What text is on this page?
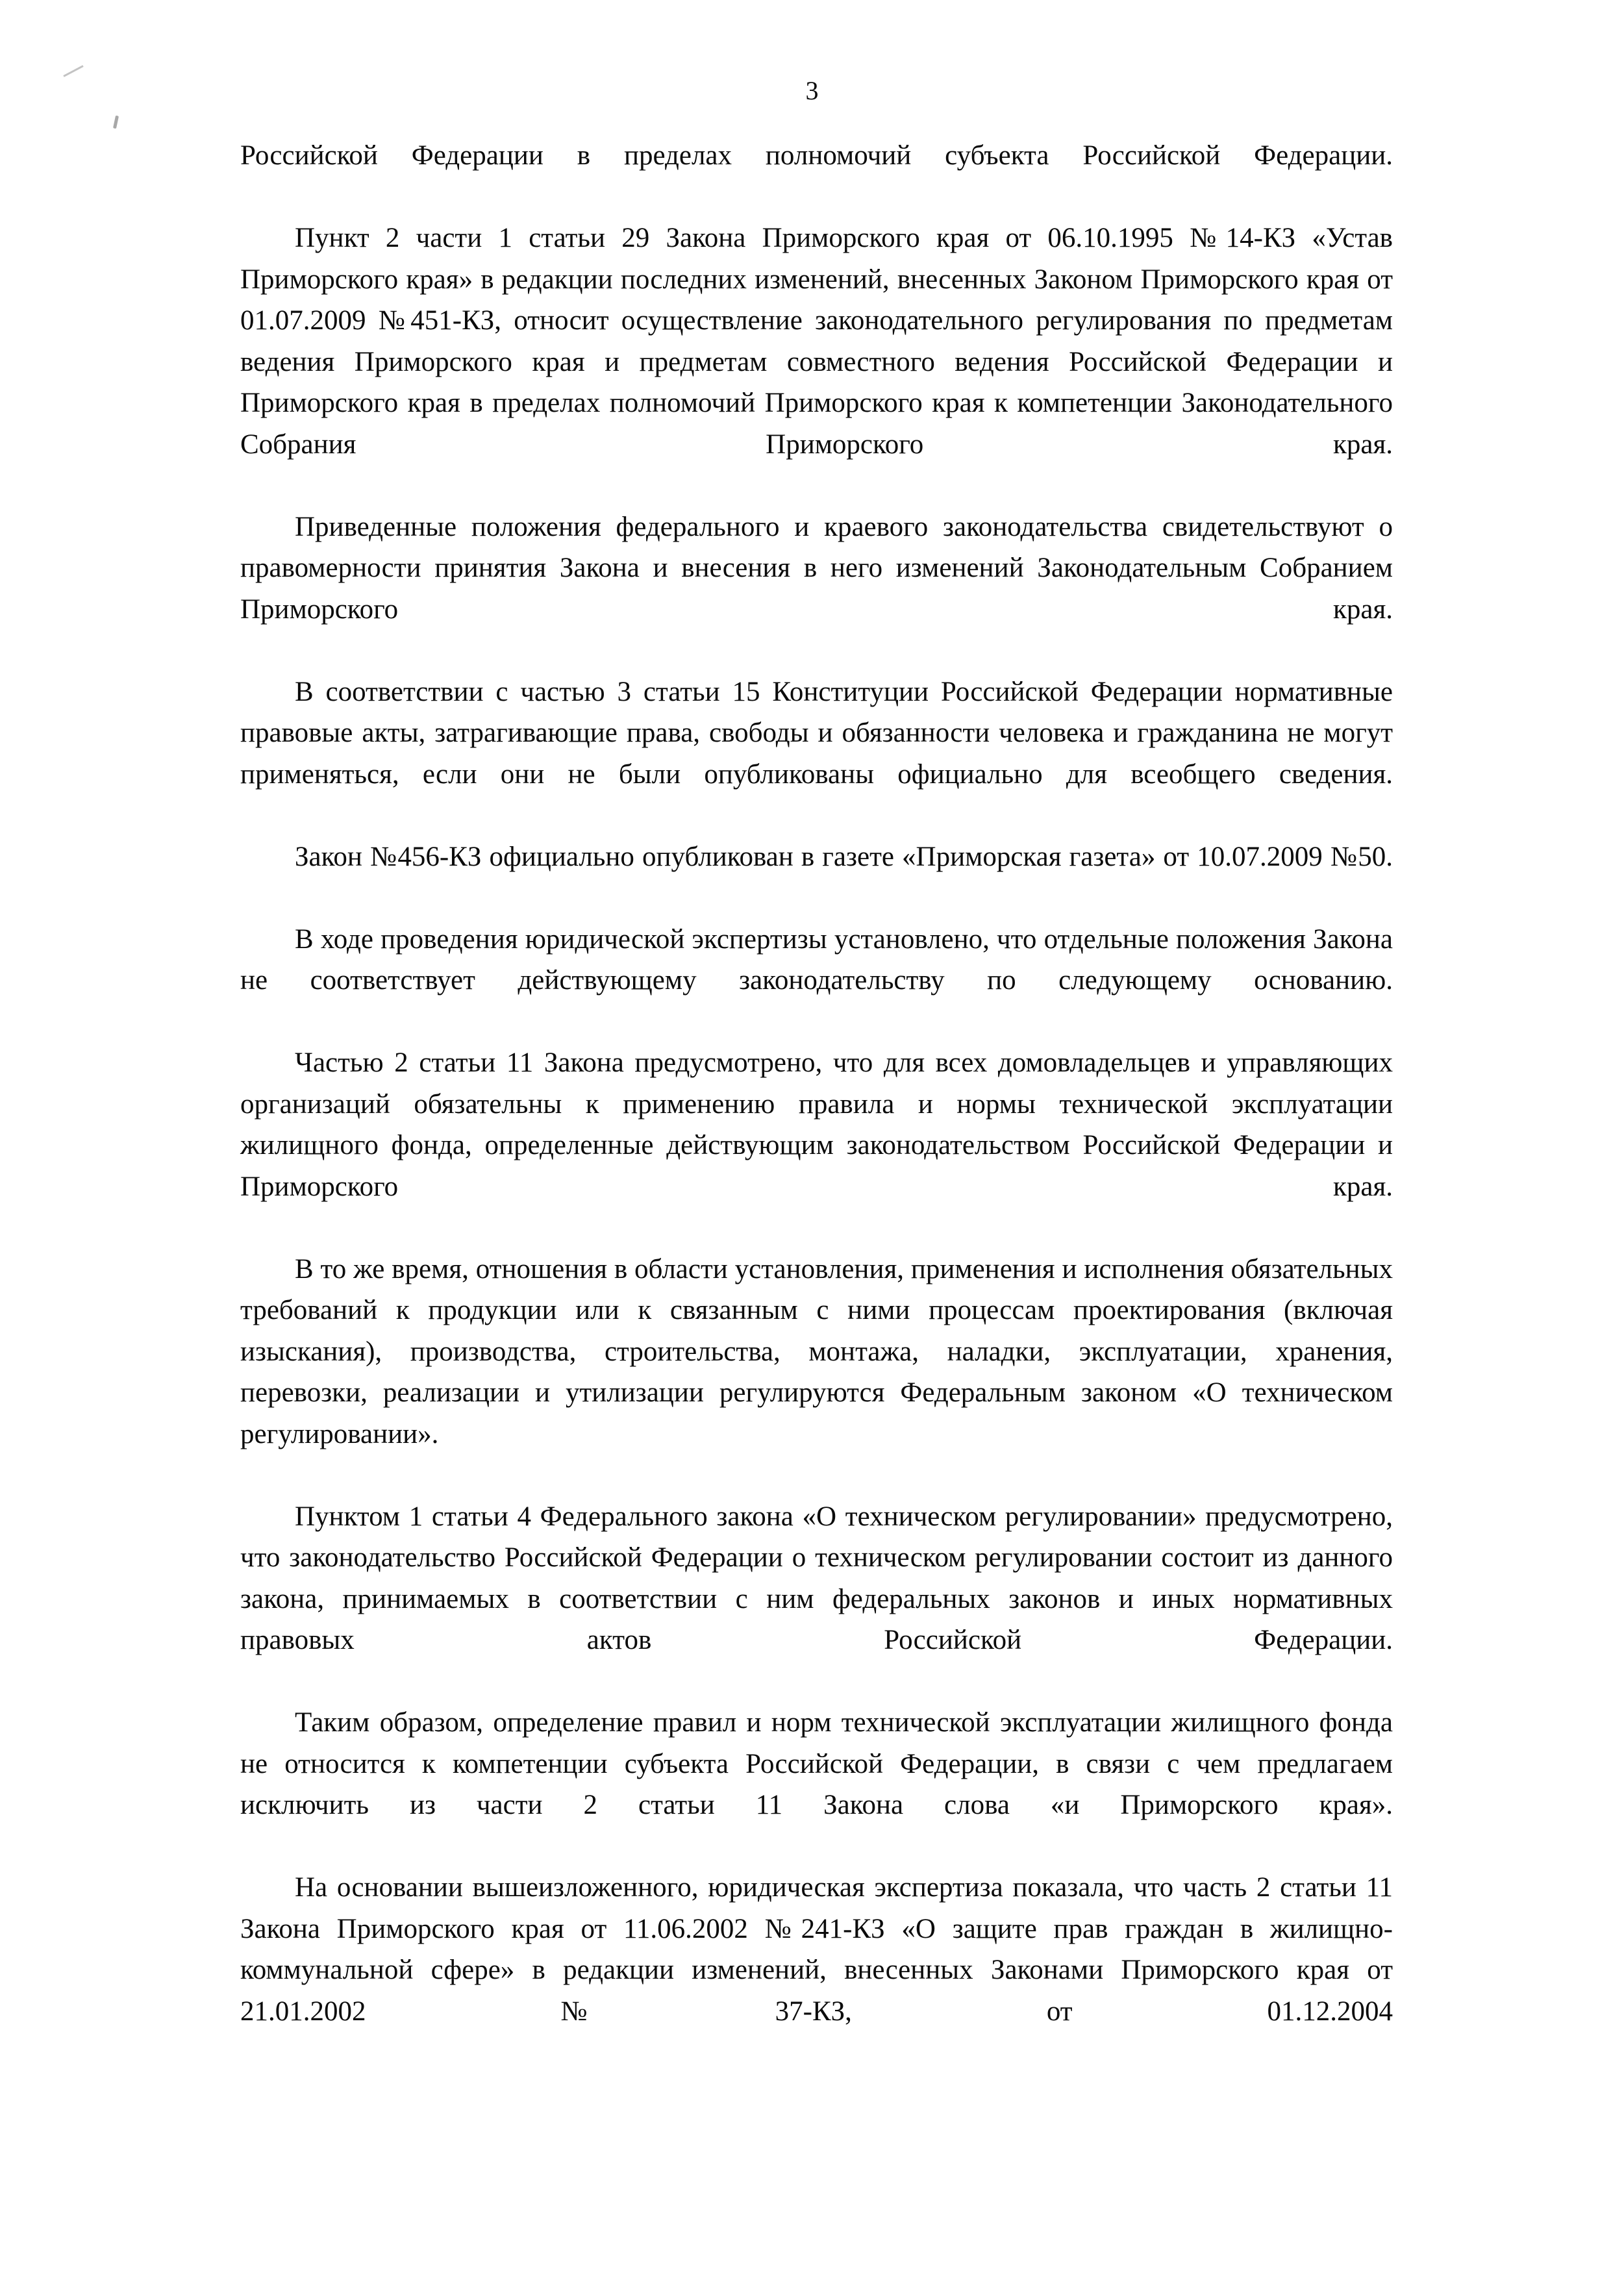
3

Российской Федерации в пределах полномочий субъекта Российской Федерации.

Пункт 2 части 1 статьи 29 Закона Приморского края от 06.10.1995 №14-КЗ «Устав Приморского края» в редакции последних изменений, внесенных Законом Приморского края от 01.07.2009 №451-КЗ, относит осуществление законодательного регулирования по предметам ведения Приморского края и предметам совместного ведения Российской Федерации и Приморского края в пределах полномочий Приморского края к компетенции Законодательного Собрания Приморского края.

Приведенные положения федерального и краевого законодательства свидетельствуют о правомерности принятия Закона и внесения в него изменений Законодательным Собранием Приморского края.

В соответствии с частью 3 статьи 15 Конституции Российской Федерации нормативные правовые акты, затрагивающие права, свободы и обязанности человека и гражданина не могут применяться, если они не были опубликованы официально для всеобщего сведения.

Закон №456-КЗ официально опубликован в газете «Приморская газета» от 10.07.2009 №50.

В ходе проведения юридической экспертизы установлено, что отдельные положения Закона не соответствует действующему законодательству по следующему основанию.

Частью 2 статьи 11 Закона предусмотрено, что для всех домовладельцев и управляющих организаций обязательны к применению правила и нормы технической эксплуатации жилищного фонда, определенные действующим законодательством Российской Федерации и Приморского края.

В то же время, отношения в области установления, применения и исполнения обязательных требований к продукции или к связанным с ними процессам проектирования (включая изыскания), производства, строительства, монтажа, наладки, эксплуатации, хранения, перевозки, реализации и утилизации регулируются Федеральным законом «О техническом регулировании».

Пунктом 1 статьи 4 Федерального закона «О техническом регулировании» предусмотрено, что законодательство Российской Федерации о техническом регулировании состоит из данного закона, принимаемых в соответствии с ним федеральных законов и иных нормативных правовых актов Российской Федерации.

Таким образом, определение правил и норм технической эксплуатации жилищного фонда не относится к компетенции субъекта Российской Федерации, в связи с чем предлагаем исключить из части 2 статьи 11 Закона слова «и Приморского края».

На основании вышеизложенного, юридическая экспертиза показала, что часть 2 статьи 11 Закона Приморского края от 11.06.2002 №241-КЗ «О защите прав граждан в жилищно-коммунальной сфере» в редакции изменений, внесенных Законами Приморского края от 21.01.2002 №37-КЗ, от 01.12.2004
